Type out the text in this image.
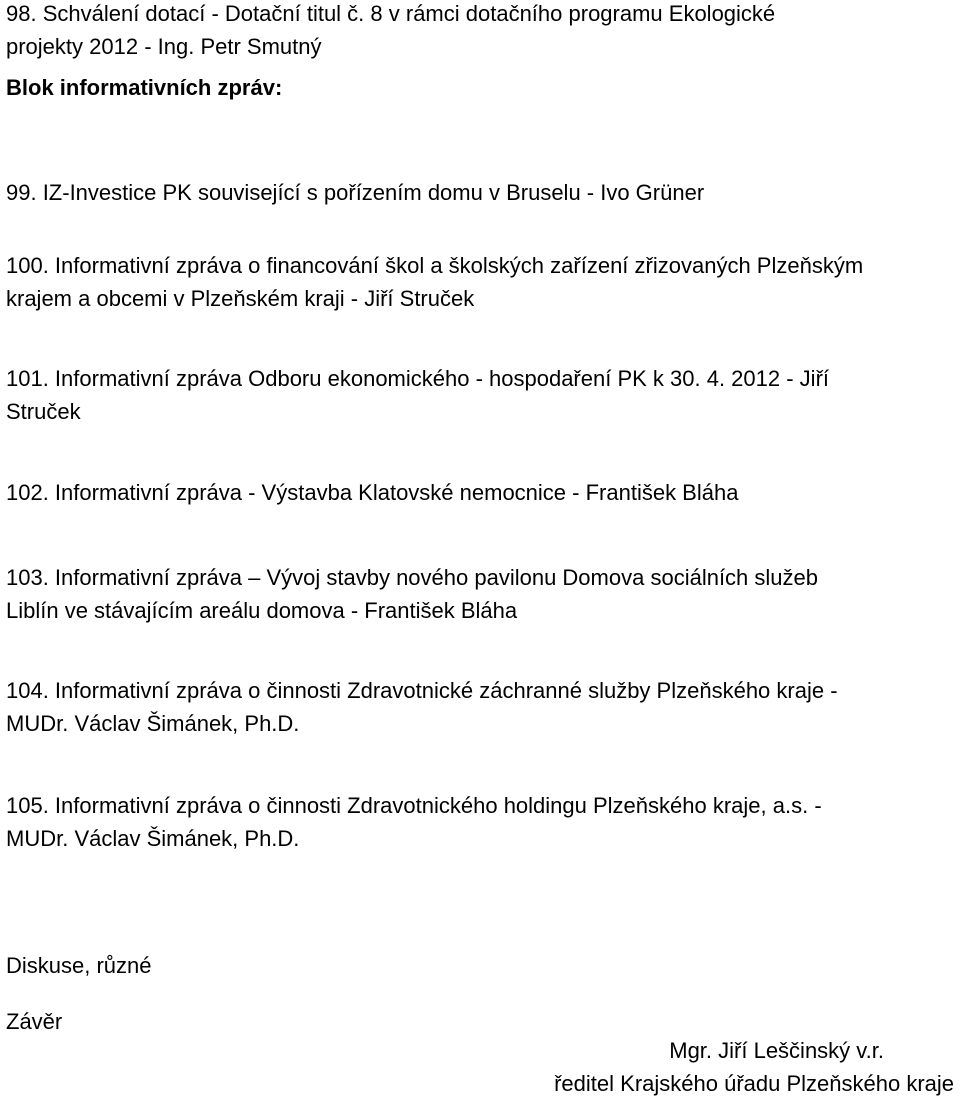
98. Schválení dotací - Dotační titul č. 8 v rámci dotačního programu Ekologické
projekty 2012 - Ing. Petr Smutný

Blok informativních zpráv:

99. IZ-Investice PK související s pořízením domu v Bruselu - Ivo Grüner

100. Informativní zpráva o financování škol a školských zařízení zřizovaných Plzeňským
krajem a obcemi v Plzeňském kraji - Jiří Struček

101. Informativní zpráva Odboru ekonomického - hospodaření PK k 30. 4. 2012 - Jiří
Struček

102. Informativní zpráva - Výstavba Klatovské nemocnice - František Bláha

103. Informativní zpráva – Vývoj stavby nového pavilonu Domova sociálních služeb
Liblín ve stávajícím areálu domova - František Bláha

104. Informativní zpráva o činnosti Zdravotnické záchranné služby Plzeňského kraje -
MUDr. Václav Šimánek, Ph.D.

105. Informativní zpráva o činnosti Zdravotnického holdingu Plzeňského kraje, a.s. -
MUDr. Václav Šimánek, Ph.D.

Diskuse, různé

Závěr

Mgr. Jiří Leščinský v.r.
ředitel Krajského úřadu Plzeňského kraje
